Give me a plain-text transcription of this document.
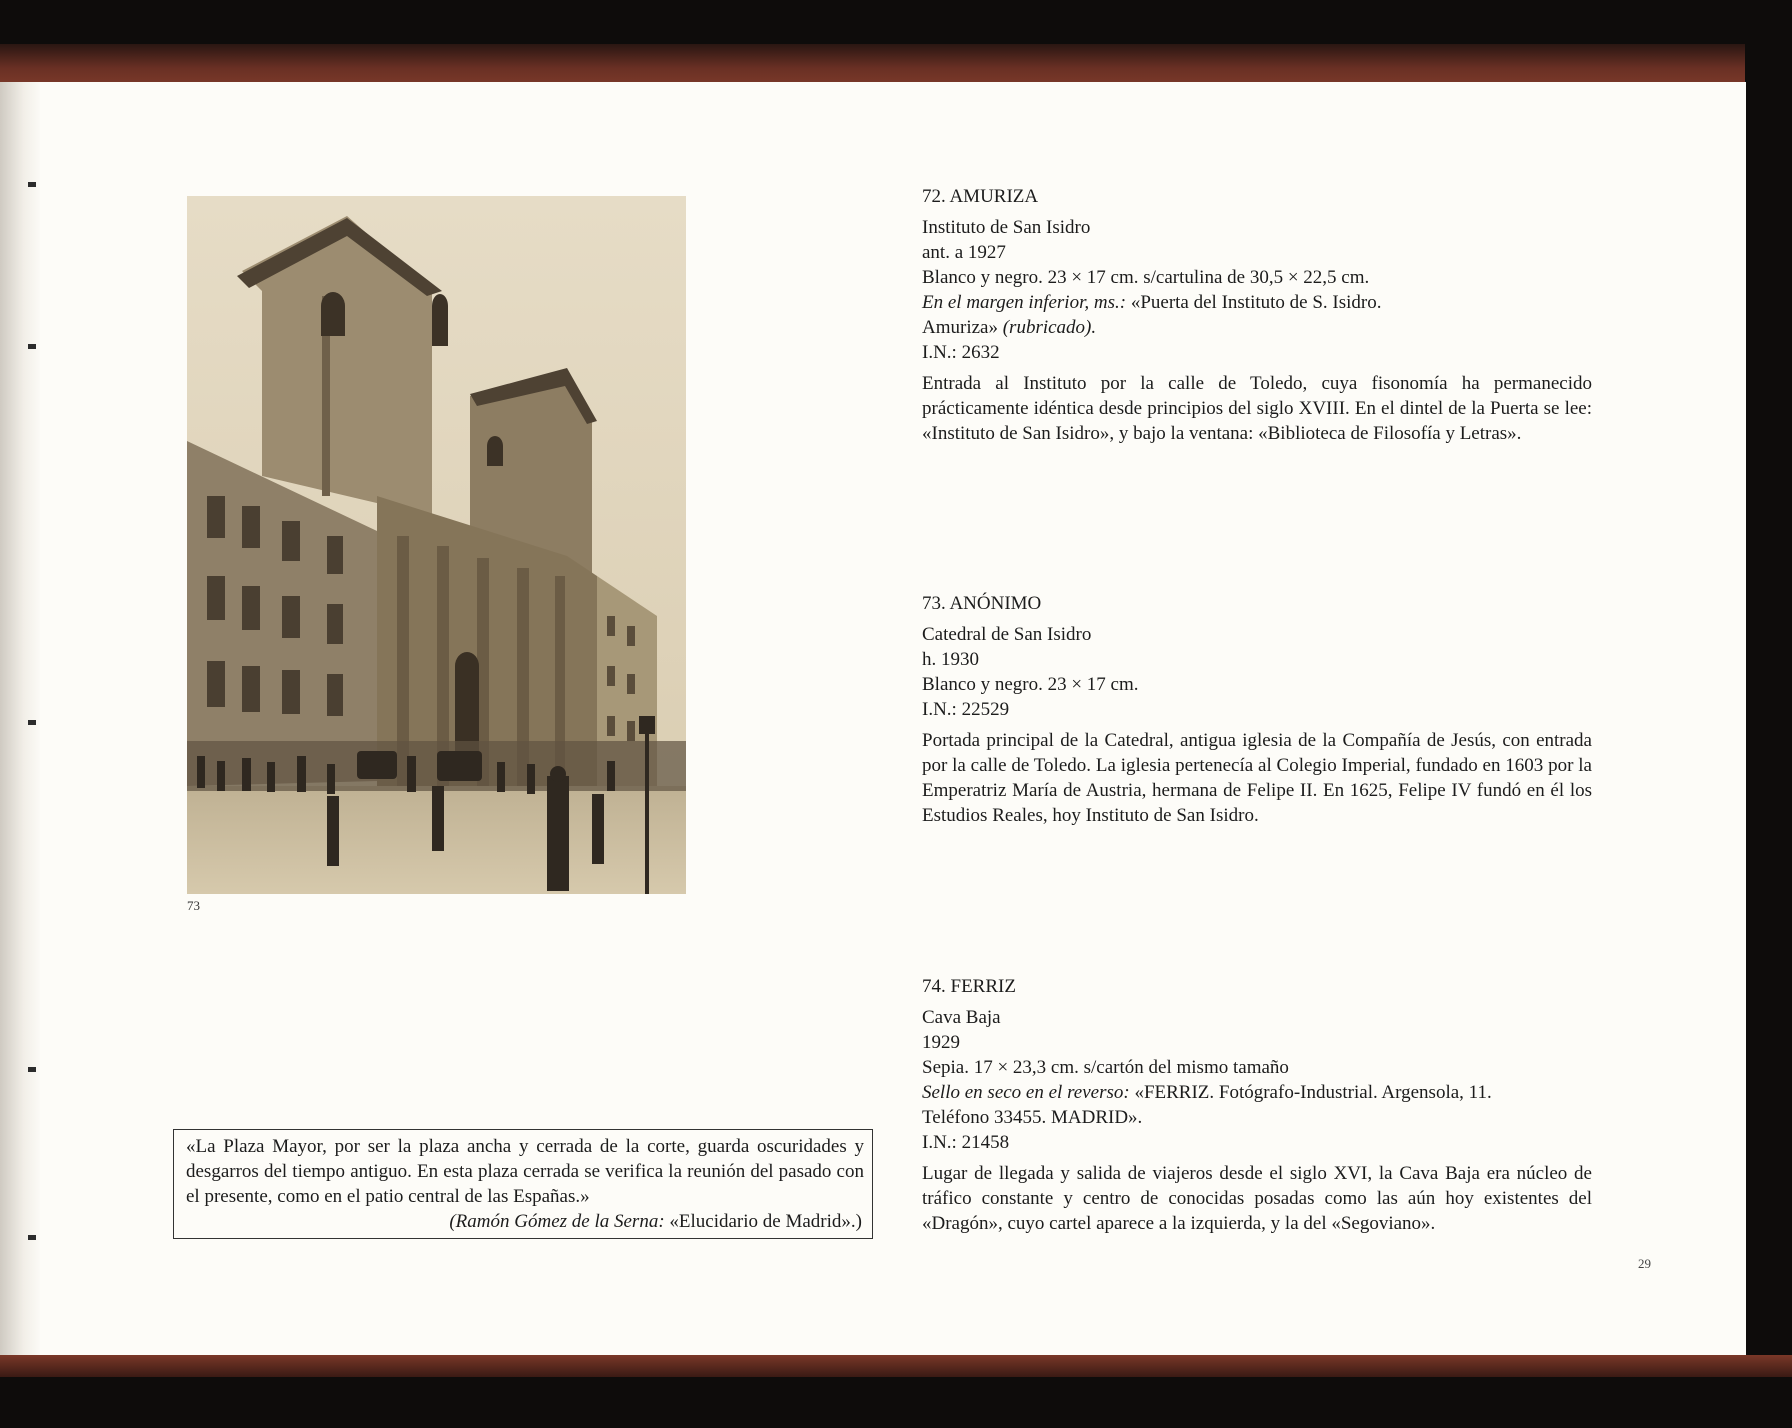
73
72. AMURIZA
Instituto de San Isidro
ant. a 1927
Blanco y negro. 23 × 17 cm. s/cartulina de 30,5 × 22,5 cm.
En el margen inferior, ms.: «Puerta del Instituto de S. Isidro. Amuriza» (rubricado).
I.N.: 2632
Entrada al Instituto por la calle de Toledo, cuya fisonomía ha permanecido prácticamente idéntica desde principios del siglo XVIII. En el dintel de la Puerta se lee: «Instituto de San Isidro», y bajo la ventana: «Biblioteca de Filosofía y Letras».
73. ANÓNIMO
Catedral de San Isidro
h. 1930
Blanco y negro. 23 × 17 cm.
I.N.: 22529
Portada principal de la Catedral, antigua iglesia de la Compañía de Jesús, con entrada por la calle de Toledo. La iglesia pertenecía al Colegio Imperial, fundado en 1603 por la Emperatriz María de Austria, hermana de Felipe II. En 1625, Felipe IV fundó en él los Estudios Reales, hoy Instituto de San Isidro.
74. FERRIZ
Cava Baja
1929
Sepia. 17 × 23,3 cm. s/cartón del mismo tamaño
Sello en seco en el reverso: «FERRIZ. Fotógrafo-Industrial. Argensola, 11. Teléfono 33455. MADRID».
I.N.: 21458
Lugar de llegada y salida de viajeros desde el siglo XVI, la Cava Baja era núcleo de tráfico constante y centro de conocidas posadas como las aún hoy existentes del «Dragón», cuyo cartel aparece a la izquierda, y la del «Segoviano».
«La Plaza Mayor, por ser la plaza ancha y cerrada de la corte, guarda oscuridades y desgarros del tiempo antiguo. En esta plaza cerrada se verifica la reunión del pasado con el presente, como en el patio central de las Españas.»
(Ramón Gómez de la Serna: «Elucidario de Madrid».)
29
